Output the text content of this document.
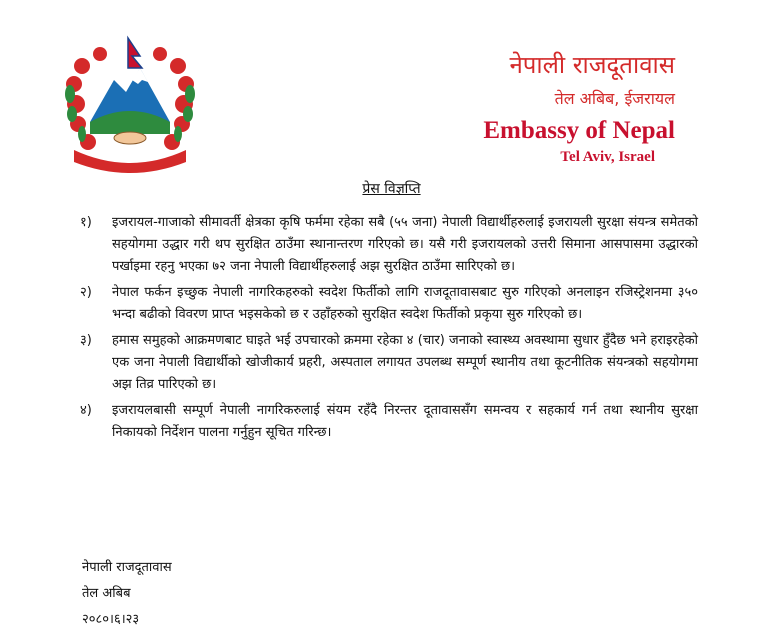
नेपाली राजदूतावास

तेल अबिब, ईजरायल

Embassy of Nepal

Tel Aviv, Israel

प्रेस विज्ञप्ति

१)	इजरायल-गाजाको सीमावर्ती क्षेत्रका कृषि फर्ममा रहेका सबै (५५ जना) नेपाली विद्यार्थीहरुलाई इजरायली सुरक्षा संयन्त्र समेतको सहयोगमा उद्धार गरी थप सुरक्षित ठाउँमा स्थानान्तरण गरिएको छ। यसै गरी इजरायलको उत्तरी सिमाना आसपासमा उद्धारको पर्खाइमा रहनु भएका ७२ जना नेपाली विद्यार्थीहरुलाई अझ सुरक्षित ठाउँमा सारिएको छ।
२)	नेपाल फर्कन इच्छुक नेपाली नागरिकहरुको स्वदेश फिर्तीको लागि राजदूतावासबाट सुरु गरिएको अनलाइन रजिस्ट्रेशनमा ३५० भन्दा बढीको विवरण प्राप्त भइसकेको छ र उहाँहरुको सुरक्षित स्वदेश फिर्तीको प्रकृया सुरु गरिएको छ।
३)	हमास समुहको आक्रमणबाट घाइते भई उपचारको क्रममा रहेका ४ (चार) जनाको स्वास्थ्य अवस्थामा सुधार हुँदैछ भने हराइरहेको एक जना नेपाली विद्यार्थीको खोजीकार्य प्रहरी, अस्पताल लगायत उपलब्ध सम्पूर्ण स्थानीय तथा कूटनीतिक संयन्त्रको सहयोगमा अझ तिव्र पारिएको छ।
४)	इजरायलबासी सम्पूर्ण नेपाली नागरिकरुलाई संयम रहँदै निरन्तर दूतावाससँग समन्वय र सहकार्य गर्न तथा स्थानीय सुरक्षा निकायको निर्देशन पालना गर्नुहुन सूचित गरिन्छ।
नेपाली राजदूतावास
तेल अबिब
२०८०।६।२३
